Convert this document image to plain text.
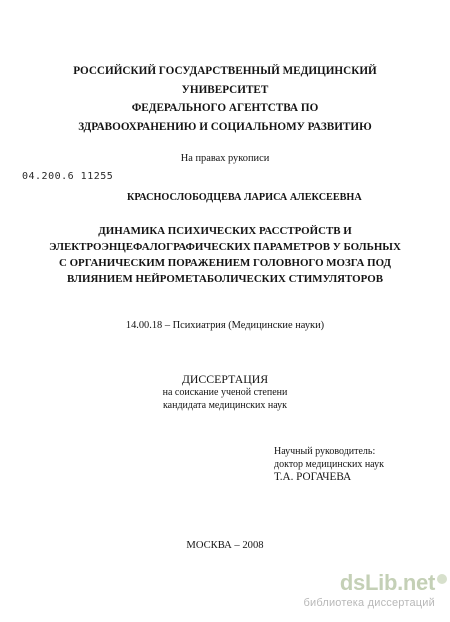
РОССИЙСКИЙ ГОСУДАРСТВЕННЫЙ МЕДИЦИНСКИЙ
УНИВЕРСИТЕТ
ФЕДЕРАЛЬНОГО АГЕНТСТВА ПО
ЗДРАВООХРАНЕНИЮ И СОЦИАЛЬНОМУ РАЗВИТИЮ
На правах рукописи
04.200.6 11255
КРАСНОСЛОБОДЦЕВА ЛАРИСА АЛЕКСЕЕВНА
ДИНАМИКА ПСИХИЧЕСКИХ РАССТРОЙСТВ И
ЭЛЕКТРОЭНЦЕФАЛОГРАФИЧЕСКИХ ПАРАМЕТРОВ У БОЛЬНЫХ
С ОРГАНИЧЕСКИМ ПОРАЖЕНИЕМ ГОЛОВНОГО МОЗГА ПОД
ВЛИЯНИЕМ НЕЙРОМЕТАБОЛИЧЕСКИХ СТИМУЛЯТОРОВ
14.00.18 – Психиатрия (Медицинские науки)
ДИССЕРТАЦИЯ
на соискание ученой степени
кандидата медицинских наук
Научный руководитель:
доктор медицинских наук
Т.А. РОГАЧЕВА
МОСКВА – 2008
dsLib.net
библиотека диссертаций
